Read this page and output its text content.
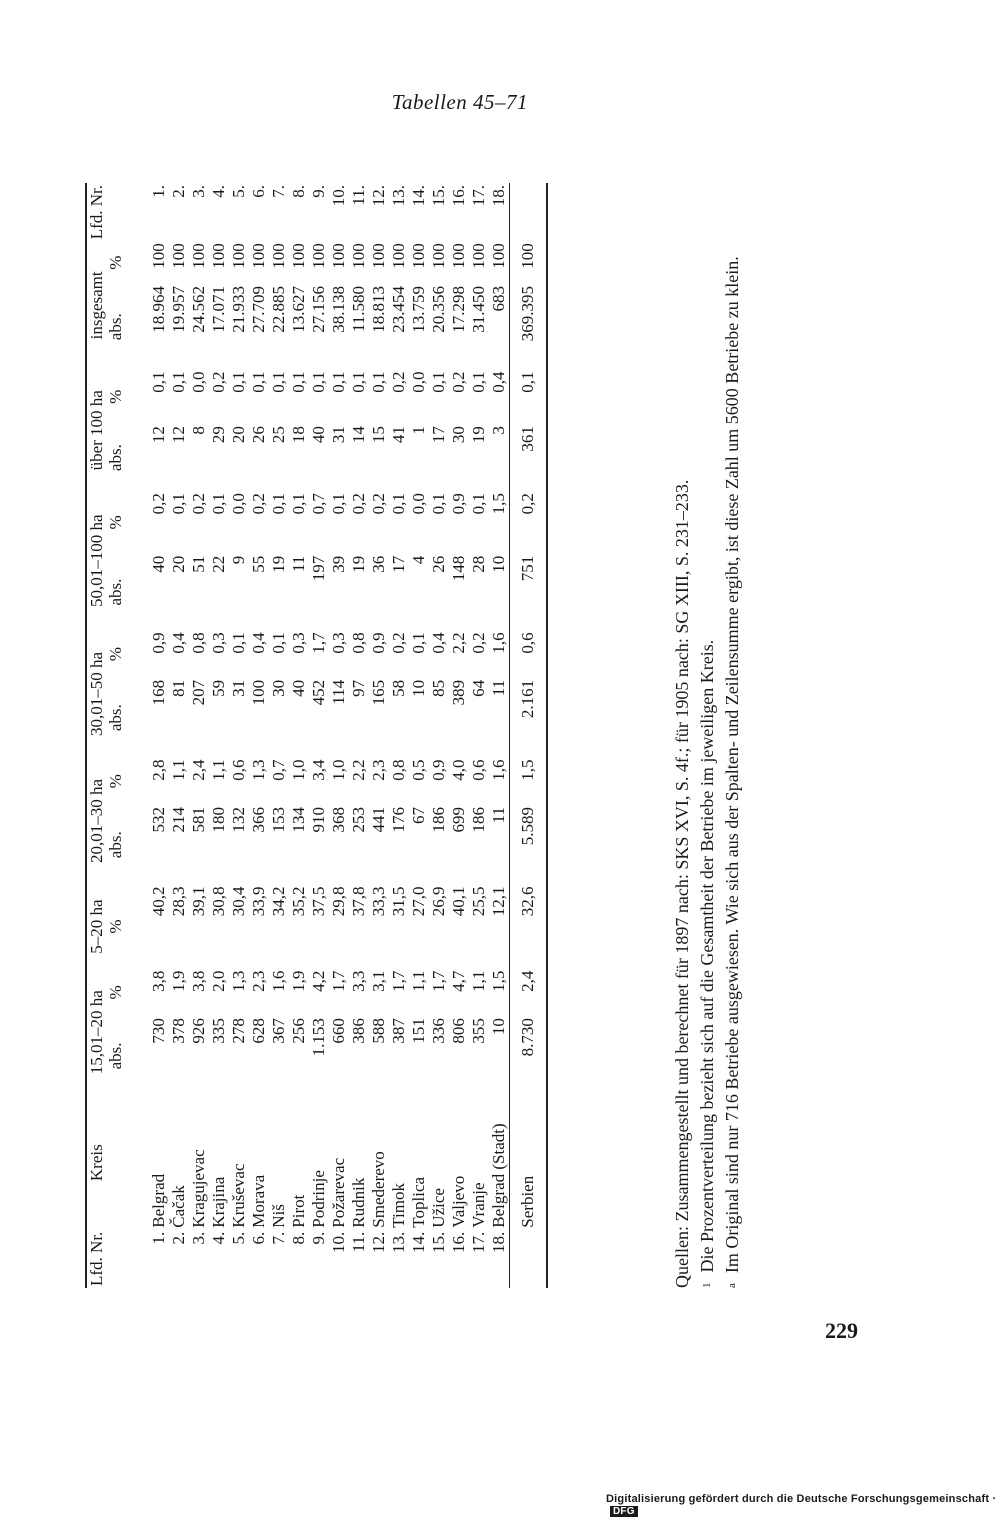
Tabellen 45–71
Lfd. Nr.	Kreis	15,01–20 ha		5–20 ha	20,01–30 ha		30,01–50 ha		50,01–100 ha		über 100 ha		insgesamt		Lfd. Nr.
		abs.	%	%	abs.	%	abs.	%	abs.	%	abs.	%	abs.	%	

1.	Belgrad	730	3,8	40,2	532	2,8	168	0,9	40	0,2	12	0,1	18.964	100	1.
2.	Čačak	378	1,9	28,3	214	1,1	81	0,4	20	0,1	12	0,1	19.957	100	2.
3.	Kragujevac	926	3,8	39,1	581	2,4	207	0,8	51	0,2	8	0,0	24.562	100	3.
4.	Krajina	335	2,0	30,8	180	1,1	59	0,3	22	0,1	29	0,2	17.071	100	4.
5.	Kruševac	278	1,3	30,4	132	0,6	31	0,1	9	0,0	20	0,1	21.933	100	5.
6.	Morava	628	2,3	33,9	366	1,3	100	0,4	55	0,2	26	0,1	27.709	100	6.
7.	Niš	367	1,6	34,2	153	0,7	30	0,1	19	0,1	25	0,1	22.885	100	7.
8.	Pirot	256	1,9	35,2	134	1,0	40	0,3	11	0,1	18	0,1	13.627	100	8.
9.	Podrinje	1.153	4,2	37,5	910	3,4	452	1,7	197	0,7	40	0,1	27.156	100	9.
10.	Požarevac	660	1,7	29,8	368	1,0	114	0,3	39	0,1	31	0,1	38.138	100	10.
11.	Rudnik	386	3,3	37,8	253	2,2	97	0,8	19	0,2	14	0,1	11.580	100	11.
12.	Smederevo	588	3,1	33,3	441	2,3	165	0,9	36	0,2	15	0,1	18.813	100	12.
13.	Timok	387	1,7	31,5	176	0,8	58	0,2	17	0,1	41	0,2	23.454	100	13.
14.	Toplica	151	1,1	27,0	67	0,5	10	0,1	4	0,0	1	0,0	13.759	100	14.
15.	Užice	336	1,7	26,9	186	0,9	85	0,4	26	0,1	17	0,1	20.356	100	15.
16.	Valjevo	806	4,7	40,1	699	4,0	389	2,2	148	0,9	30	0,2	17.298	100	16.
17.	Vranje	355	1,1	25,5	186	0,6	64	0,2	28	0,1	19	0,1	31.450	100	17.
18.	Belgrad (Stadt)	10	1,5	12,1	11	1,6	11	1,6	10	1,5	3	0,4	683	100	18.
	Serbien	8.730	2,4	32,6	5.589	1,5	2.161	0,6	751	0,2	361	0,1	369.395	100	

Quellen: Zusammengestellt und berechnet für 1897 nach: SKS XVI, S. 4f.; für 1905 nach: SG XIII, S. 231–233. $^1$Die Prozentverteilung bezieht sich auf die Gesamtheit der Betriebe im jeweiligen Kreis.

$^a$Im Original sind nur 716 Betriebe ausgewiesen. Wie sich aus der Spalten- und Zeilensumme ergibt, ist diese Zahl um 5600 Betriebe zu klein.

229
Digitalisierung gefördert durch die Deutsche Forschungsgemeinschaft ·DFG
